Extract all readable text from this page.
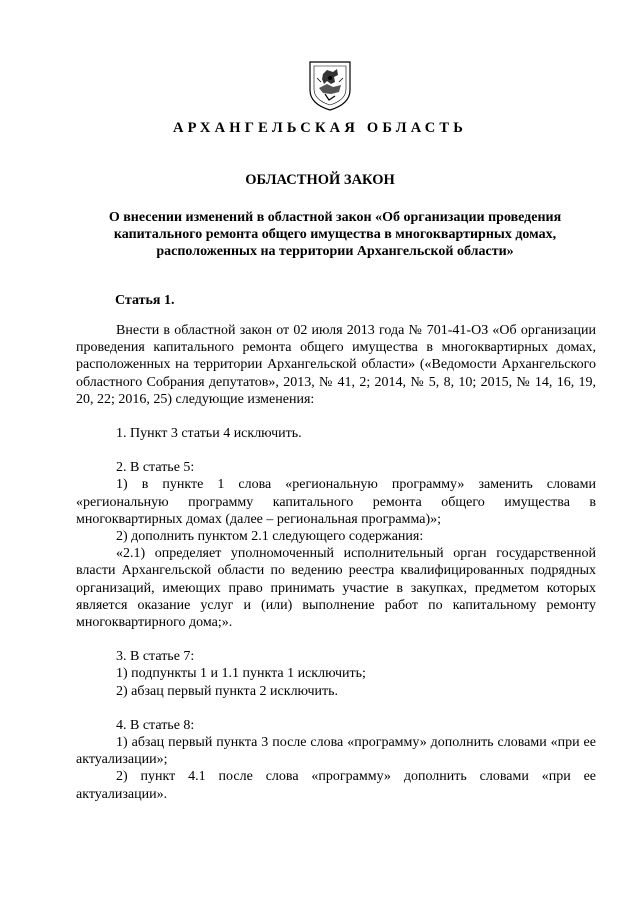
АРХАНГЕЛЬСКАЯ ОБЛАСТЬ
ОБЛАСТНОЙ ЗАКОН
О внесении изменений в областной закон «Об организации проведения капитального ремонта общего имущества в многоквартирных домах, расположенных на территории Архангельской области»
Статья 1.

Внести в областной закон от 02 июля 2013 года № 701-41-ОЗ «Об организации проведения капитального ремонта общего имущества в многоквартирных домах, расположенных на территории Архангельской области» («Ведомости Архангельского областного Собрания депутатов», 2013, № 41, 2; 2014, № 5, 8, 10; 2015, № 14, 16, 19, 20, 22; 2016, 25) следующие изменения:

1. Пункт 3 статьи 4 исключить.

2. В статье 5:

1) в пункте 1 слова «региональную программу» заменить словами «региональную программу капитального ремонта общего имущества в многоквартирных домах (далее – региональная программа)»;

2) дополнить пунктом 2.1 следующего содержания:

«2.1) определяет уполномоченный исполнительный орган государственной власти Архангельской области по ведению реестра квалифицированных подрядных организаций, имеющих право принимать участие в закупках, предметом которых является оказание услуг и (или) выполнение работ по капитальному ремонту многоквартирного дома;».

3. В статье 7:

1) подпункты 1 и 1.1 пункта 1 исключить;

2) абзац первый пункта 2 исключить.

4. В статье 8:

1) абзац первый пункта 3 после слова «программу» дополнить словами «при ее актуализации»;

2) пункт 4.1 после слова «программу» дополнить словами «при ее актуализации».
